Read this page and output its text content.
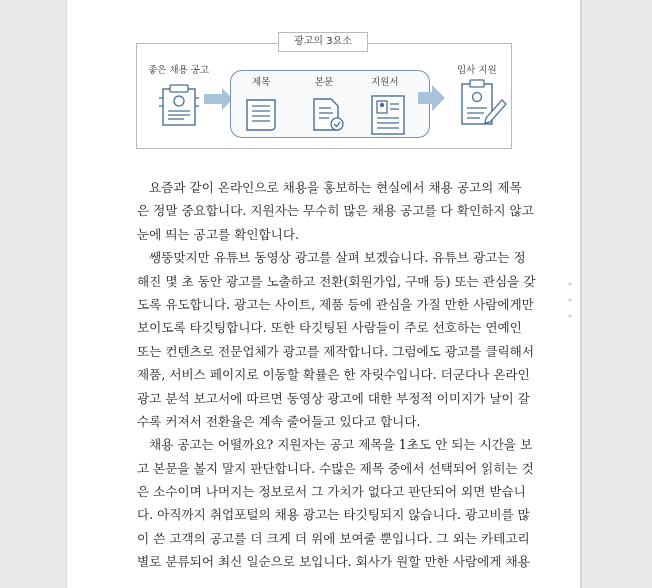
광고의 3요소
좋은 채용 공고	입사 지원
제목	본문	지원서
요즘과 같이 온라인으로 채용을 홍보하는 현실에서 채용 공고의 제목
은 정말 중요합니다. 지원자는 무수히 많은 채용 공고를 다 확인하지 않고
눈에 띄는 공고를 확인합니다.
쌩뚱맞지만 유튜브 동영상 광고를 살펴 보겠습니다. 유튜브 광고는 정
해진 몇 초 동안 광고를 노출하고 전환(회원가입, 구매 등) 또는 관심을 갖
도록 유도합니다. 광고는 사이트, 제품 등에 관심을 가질 만한 사람에게만
보이도록 타깃팅합니다. 또한 타깃팅된 사람들이 주로 선호하는 연예인
또는 컨텐츠로 전문업체가 광고를 제작합니다. 그럼에도 광고를 클릭해서
제품, 서비스 페이지로 이동할 확률은 한 자릿수입니다. 더군다나 온라인
광고 분석 보고서에 따르면 동영상 광고에 대한 부정적 이미지가 날이 갈
수록 커져서 전환율은 계속 줄어들고 있다고 합니다.
채용 공고는 어떨까요? 지원자는 공고 제목을 1초도 안 되는 시간을 보
고 본문을 볼지 말지 판단합니다. 수많은 제목 중에서 선택되어 읽히는 것
은 소수이며 나머지는 정보로서 그 가치가 없다고 판단되어 외면 받습니
다. 아직까지 취업포털의 채용 광고는 타깃팅되지 않습니다. 광고비를 많
이 쓴 고객의 공고를 더 크게 더 위에 보여줄 뿐입니다. 그 외는 카테고리
별로 분류되어 최신 일순으로 보입니다. 회사가 원할 만한 사람에게 채용
